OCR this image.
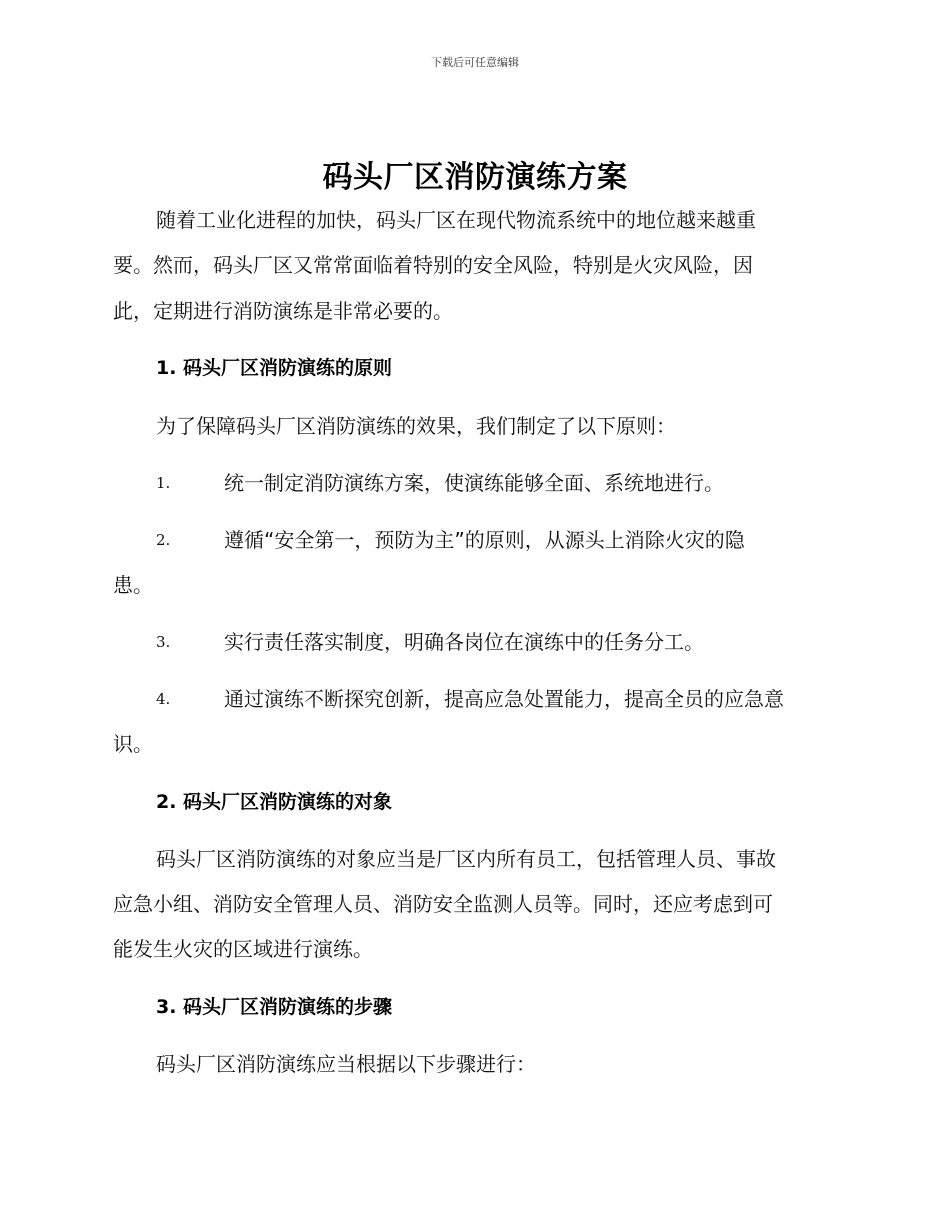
下载后可任意编辑
码头厂区消防演练方案
随着工业化进程的加快，码头厂区在现代物流系统中的地位越来越重
要。然而，码头厂区又常常面临着特别的安全风险，特别是火灾风险，因
此，定期进行消防演练是非常必要的。
1. 码头厂区消防演练的原则
为了保障码头厂区消防演练的效果，我们制定了以下原则：
1.	统一制定消防演练方案，使演练能够全面、系统地进行。
2.	遵循“安全第一，预防为主”的原则，从源头上消除火灾的隐
患。
3.	实行责任落实制度，明确各岗位在演练中的任务分工。
4.	通过演练不断探究创新，提高应急处置能力，提高全员的应急意
识。
2. 码头厂区消防演练的对象
码头厂区消防演练的对象应当是厂区内所有员工，包括管理人员、事故
应急小组、消防安全管理人员、消防安全监测人员等。同时，还应考虑到可
能发生火灾的区域进行演练。
3. 码头厂区消防演练的步骤
码头厂区消防演练应当根据以下步骤进行：
